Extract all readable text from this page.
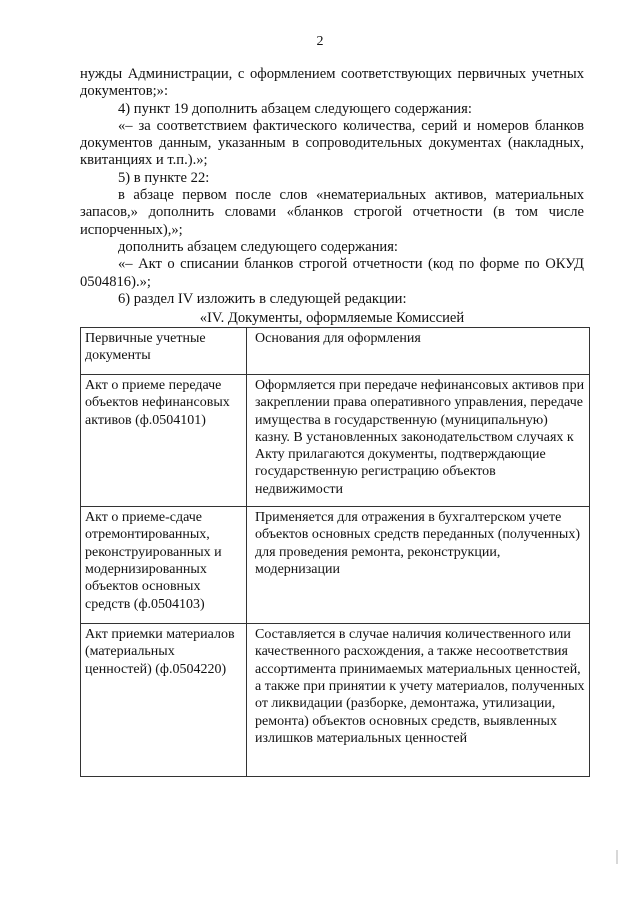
2

нужды Администрации, с оформлением соответствующих первичных учетных документов;»:

4) пункт 19 дополнить абзацем следующего содержания:

«– за соответствием фактического количества, серий и номеров бланков документов данным, указанным в сопроводительных документах (накладных, квитанциях и т.п.).»;

5) в пункте 22:

в абзаце первом после слов «нематериальных активов, материальных запасов,» дополнить словами «бланков строгой отчетности (в том числе испорченных),»;

дополнить абзацем следующего содержания:

«– Акт о списании бланков строгой отчетности (код по форме по ОКУД 0504816).»;

6) раздел IV изложить в следующей редакции:

«IV. Документы, оформляемые Комиссией
Первичные учетные документы	Основания для оформления
Акт о приеме передаче объектов нефинансовых активов (ф.0504101)	Оформляется при передаче нефинансовых активов при закреплении права оперативного управления, передаче имущества в государственную (муниципальную) казну. В установленных законодательством случаях к Акту прилагаются документы, подтверждающие государственную регистрацию объектов недвижимости
Акт о приеме-сдаче отремонтированных, реконструированных и модернизированных объектов основных средств (ф.0504103)	Применяется для отражения в бухгалтерском учете объектов основных средств переданных (полученных) для проведения ремонта, реконструкции, модернизации
Акт приемки материалов (материальных ценностей) (ф.0504220)	Составляется в случае наличия количественного или качественного расхождения, а также несоответствия ассортимента принимаемых материальных ценностей, а также при принятии к учету материалов, полученных от ликвидации (разборке, демонтажа, утилизации, ремонта) объектов основных средств, выявленных излишков материальных ценностей
